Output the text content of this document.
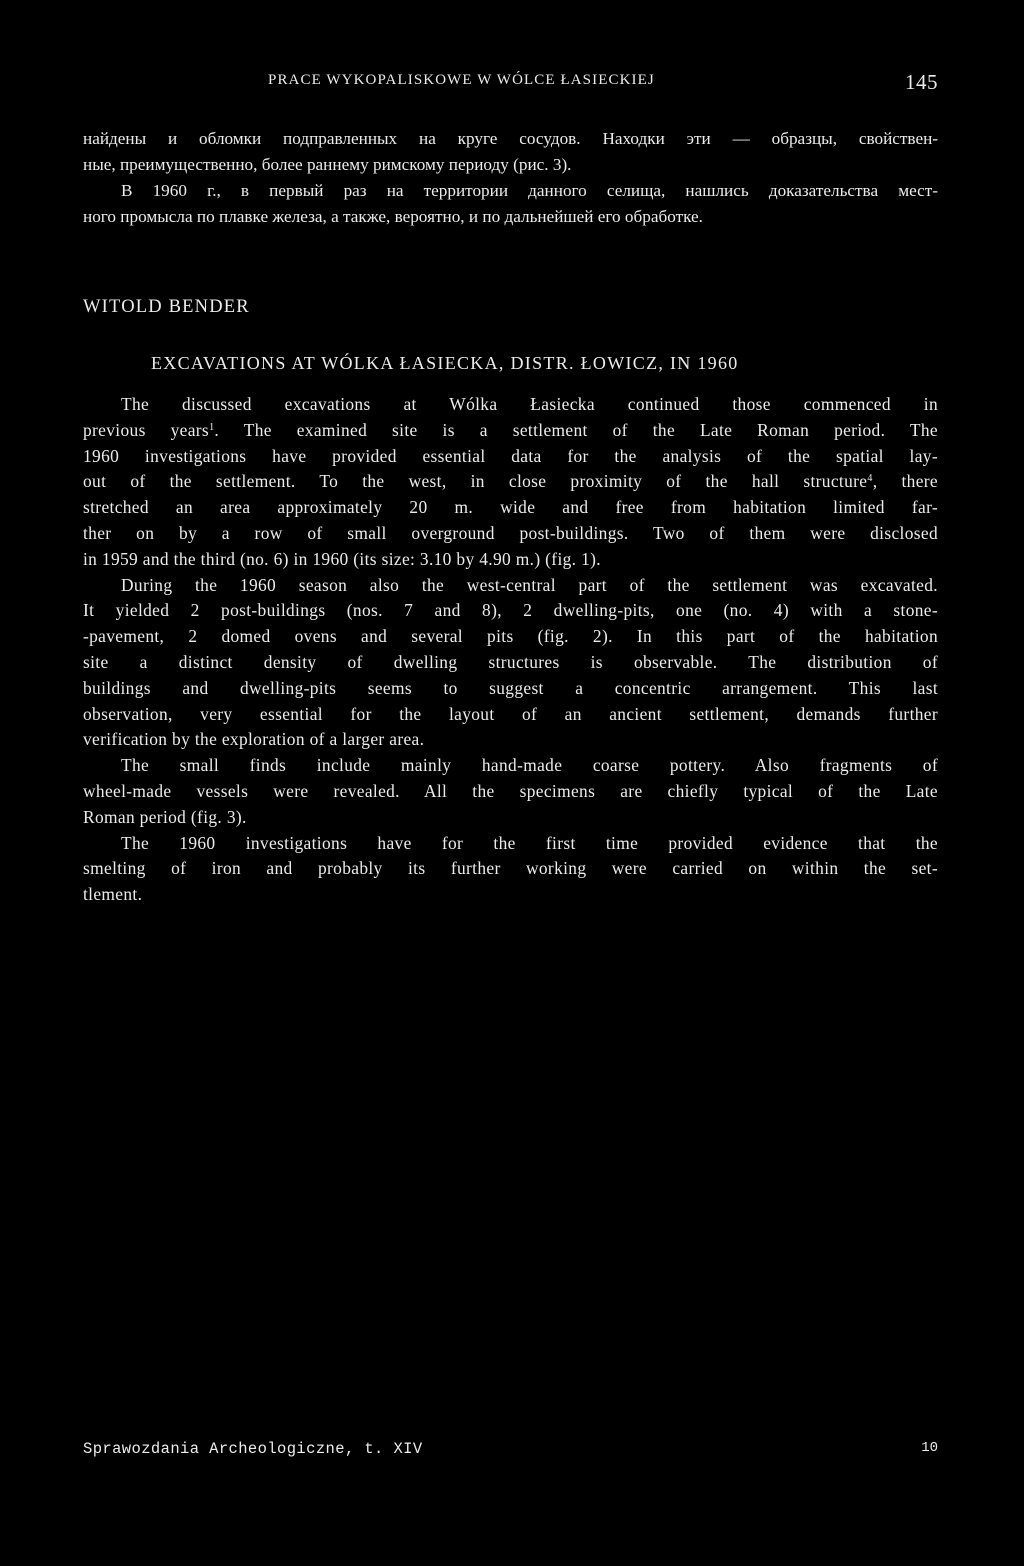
PRACE WYKOPALISKOWE W WÓLCE ŁASIECKIEJ	145
найдены и обломки подправленных на круге сосудов. Находки эти — образцы, свойствен-
ные, преимущественно, более раннему римскому периоду (рис. 3).
В 1960 г., в первый раз на территории данного селища, нашлись доказательства мест-
ного промысла по плавке железа, а также, вероятно, и по дальнейшей его обработке.
WITOLD BENDER
EXCAVATIONS AT WÓLKA ŁASIECKA, DISTR. ŁOWICZ, IN 1960
The discussed excavations at Wólka Łasiecka continued those commenced in
previous years$^1$. The examined site is a settlement of the Late Roman period. The
1960 investigations have provided essential data for the analysis of the spatial lay-
out of the settlement. To the west, in close proximity of the hall structure$^4$, there
stretched an area approximately 20 m. wide and free from habitation limited far-
ther on by a row of small overground post-buildings. Two of them were disclosed
in 1959 and the third (no. 6) in 1960 (its size: 3.10 by 4.90 m.) (fig. 1).
During the 1960 season also the west-central part of the settlement was excavated.
It yielded 2 post-buildings (nos. 7 and 8), 2 dwelling-pits, one (no. 4) with a stone-
-pavement, 2 domed ovens and several pits (fig. 2). In this part of the habitation
site a distinct density of dwelling structures is observable. The distribution of
buildings and dwelling-pits seems to suggest a concentric arrangement. This last
observation, very essential for the layout of an ancient settlement, demands further
verification by the exploration of a larger area.
The small finds include mainly hand-made coarse pottery. Also fragments of
wheel-made vessels were revealed. All the specimens are chiefly typical of the Late
Roman period (fig. 3).
The 1960 investigations have for the first time provided evidence that the
smelting of iron and probably its further working were carried on within the set-
tlement.
Sprawozdania Archeologiczne, t. XIV	10
